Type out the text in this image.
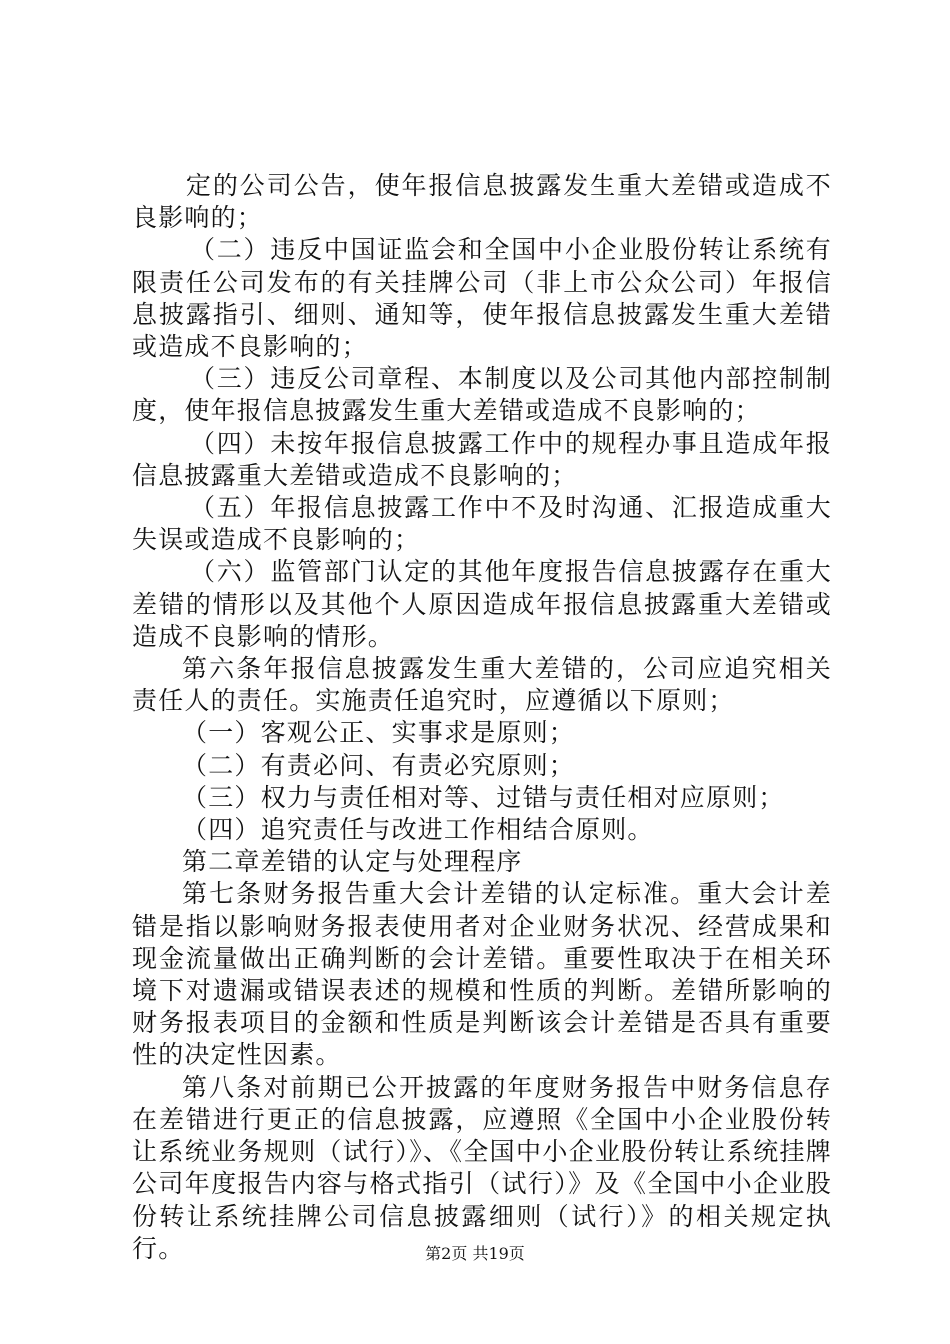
　　定的公司公告，使年报信息披露发生重大差错或造成不良影响的；

（二）违反中国证监会和全国中小企业股份转让系统有限责任公司发布的有关挂牌公司（非上市公众公司）年报信息披露指引、细则、通知等，使年报信息披露发生重大差错或造成不良影响的；

（三）违反公司章程、本制度以及公司其他内部控制制度，使年报信息披露发生重大差错或造成不良影响的；

（四）未按年报信息披露工作中的规程办事且造成年报信息披露重大差错或造成不良影响的；

（五）年报信息披露工作中不及时沟通、汇报造成重大失误或造成不良影响的；

（六）监管部门认定的其他年度报告信息披露存在重大差错的情形以及其他个人原因造成年报信息披露重大差错或造成不良影响的情形。

第六条年报信息披露发生重大差错的，公司应追究相关责任人的责任。实施责任追究时，应遵循以下原则；

（一）客观公正、实事求是原则；

（二）有责必问、有责必究原则；

（三）权力与责任相对等、过错与责任相对应原则；

（四）追究责任与改进工作相结合原则。

第二章差错的认定与处理程序

第七条财务报告重大会计差错的认定标准。重大会计差错是指以影响财务报表使用者对企业财务状况、经营成果和现金流量做出正确判断的会计差错。重要性取决于在相关环境下对遗漏或错误表述的规模和性质的判断。差错所影响的财务报表项目的金额和性质是判断该会计差错是否具有重要性的决定性因素。

第八条对前期已公开披露的年度财务报告中财务信息存在差错进行更正的信息披露，应遵照《全国中小企业股份转让系统业务规则（试行）》、《全国中小企业股份转让系统挂牌公司年度报告内容与格式指引（试行）》及《全国中小企业股份转让系统挂牌公司信息披露细则（试行）》的相关规定执行。	第2页 共19页
